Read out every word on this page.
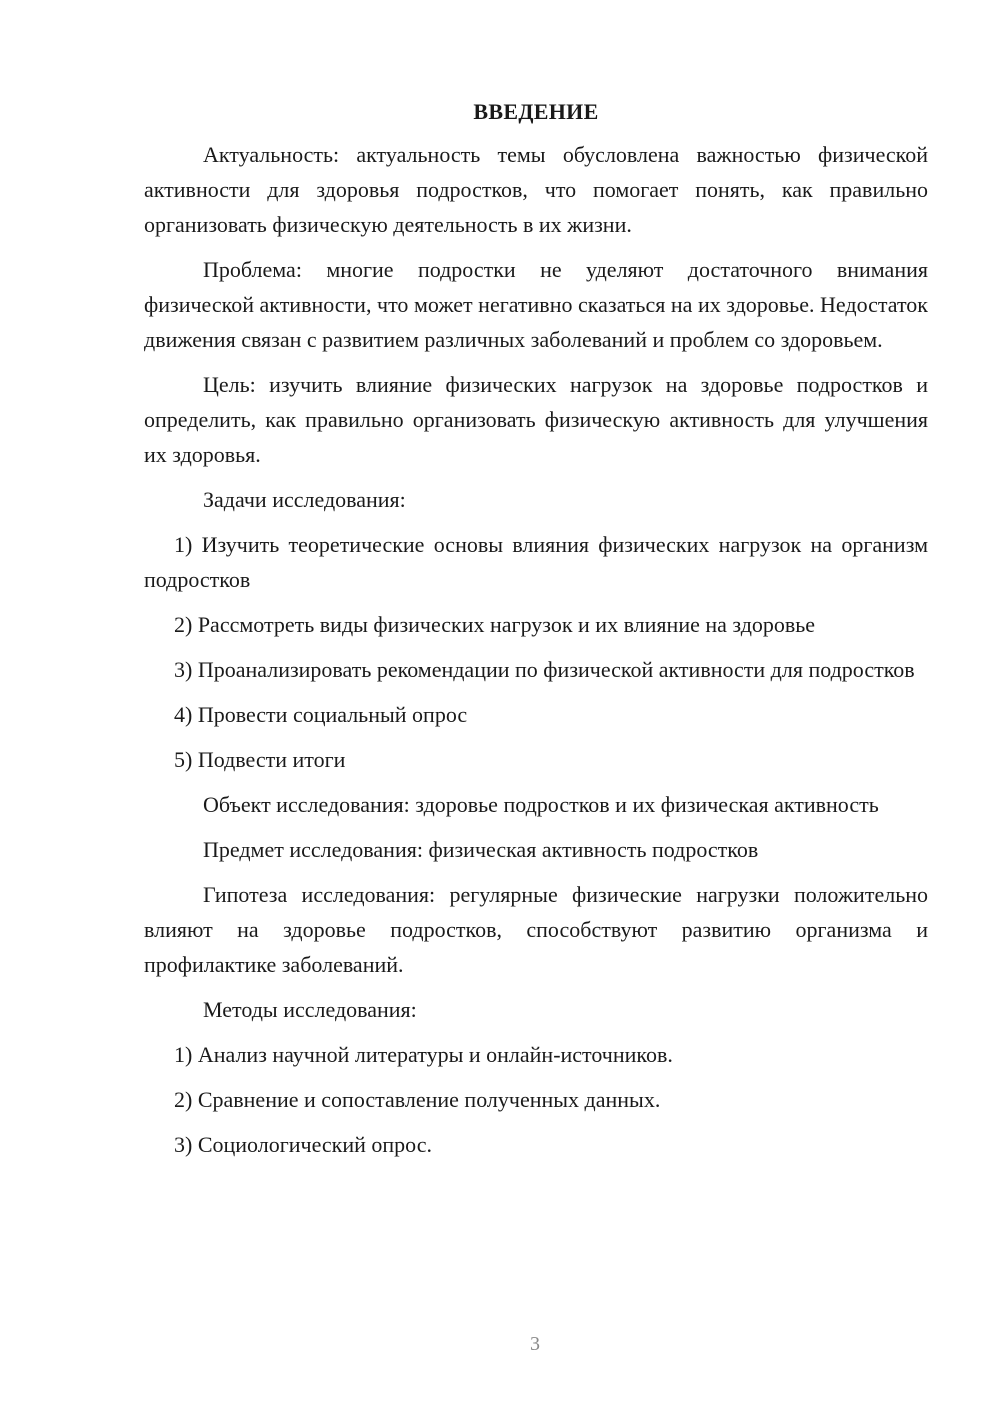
ВВЕДЕНИЕ

Актуальность: актуальность темы обусловлена важностью физической активности для здоровья подростков, что помогает понять, как правильно организовать физическую деятельность в их жизни.

Проблема: многие подростки не уделяют достаточного внимания физической активности, что может негативно сказаться на их здоровье. Недостаток движения связан с развитием различных заболеваний и проблем со здоровьем.

Цель: изучить влияние физических нагрузок на здоровье подростков и определить, как правильно организовать физическую активность для улучшения их здоровья.

Задачи исследования:

1) Изучить теоретические основы влияния физических нагрузок на организм подростков

2) Рассмотреть виды физических нагрузок и их влияние на здоровье

3) Проанализировать рекомендации по физической активности для подростков

4) Провести социальный опрос

5) Подвести итоги

Объект исследования: здоровье подростков и их физическая активность

Предмет исследования: физическая активность подростков

Гипотеза исследования: регулярные физические нагрузки положительно влияют на здоровье подростков, способствуют развитию организма и профилактике заболеваний.

Методы исследования:

1) Анализ научной литературы и онлайн-источников.

2) Сравнение и сопоставление полученных данных.

3) Социологический опрос.

3
